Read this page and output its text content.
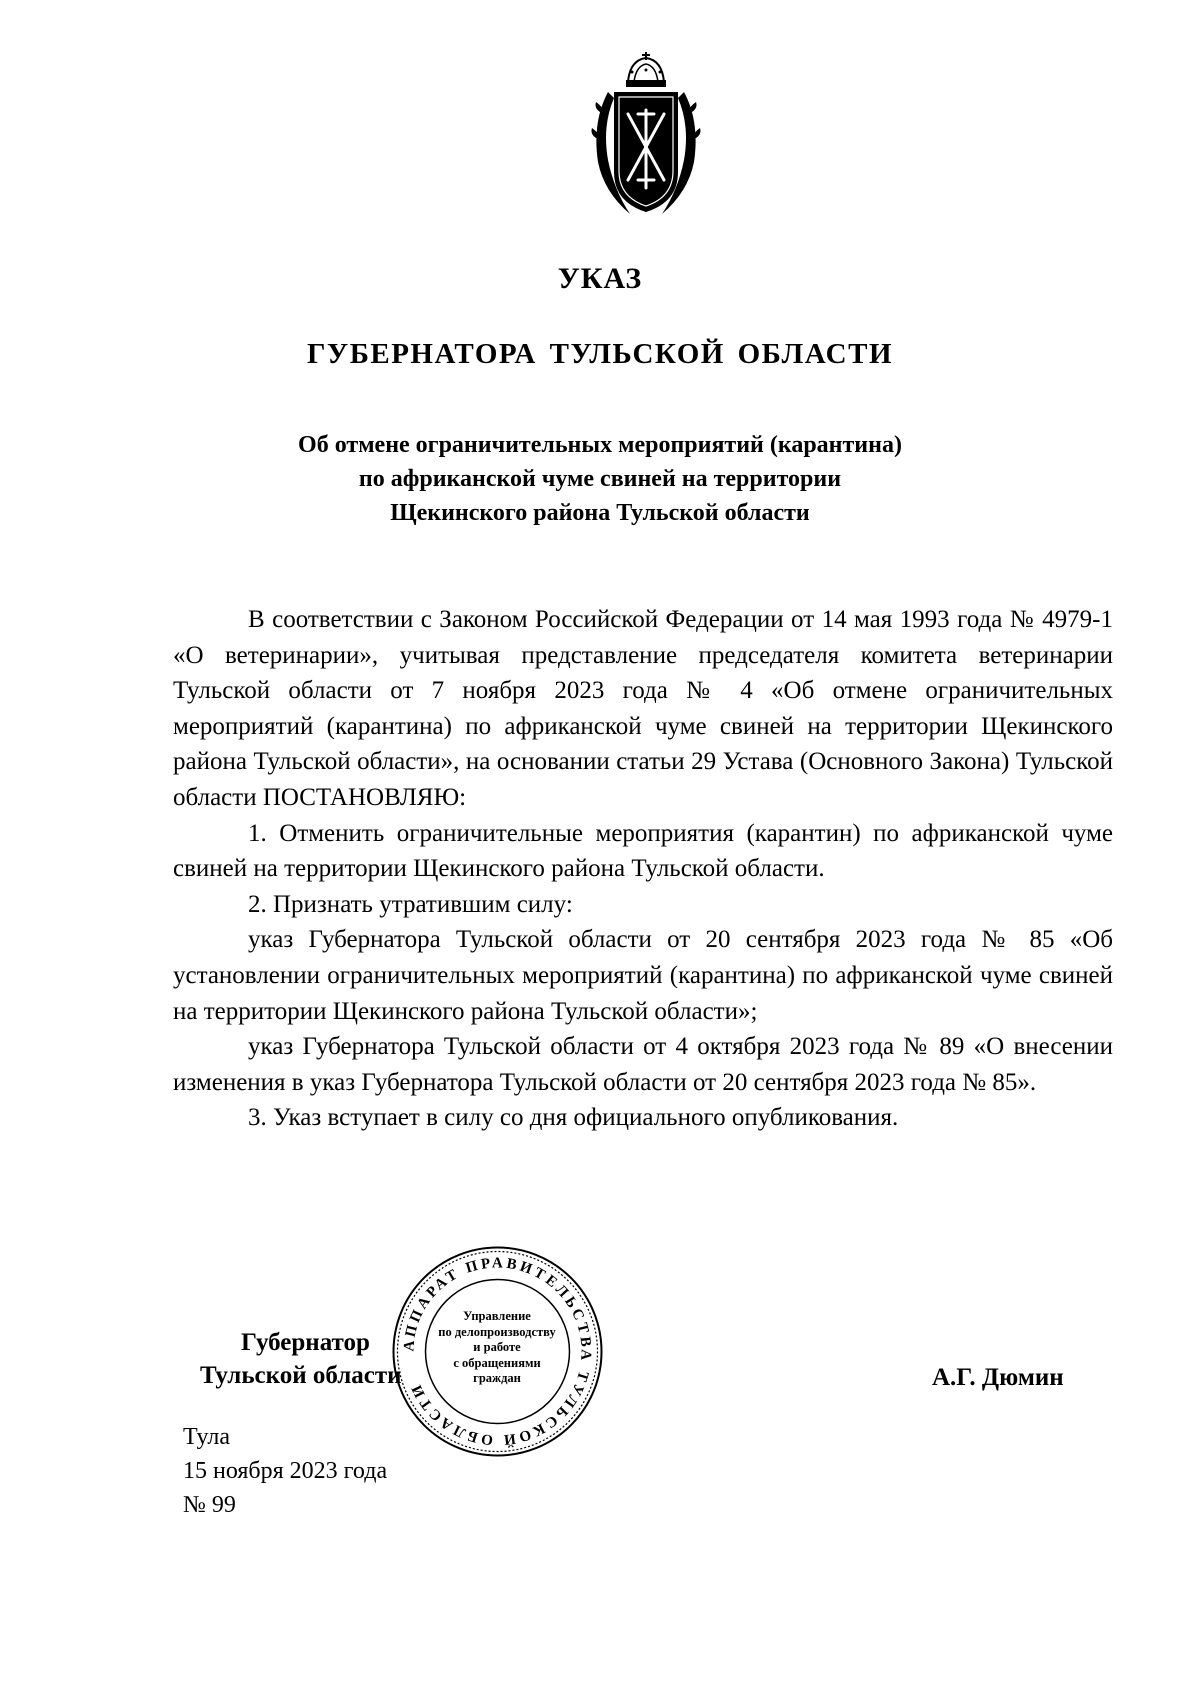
УКАЗ
ГУБЕРНАТОРА ТУЛЬСКОЙ ОБЛАСТИ
Об отмене ограничительных мероприятий (карантина)
по африканской чуме свиней на территории
Щекинского района Тульской области

В соответствии с Законом Российской Федерации от 14 мая 1993 года № 4979-1 «О ветеринарии», учитывая представление председателя комитета ветеринарии Тульской области от 7 ноября 2023 года № 4 «Об отмене ограничительных мероприятий (карантина) по африканской чуме свиней на территории Щекинского района Тульской области», на основании статьи 29 Устава (Основного Закона) Тульской области ПОСТАНОВЛЯЮ:

1. Отменить ограничительные мероприятия (карантин) по африканской чуме свиней на территории Щекинского района Тульской области.

2. Признать утратившим силу:

указ Губернатора Тульской области от 20 сентября 2023 года № 85 «Об установлении ограничительных мероприятий (карантина) по африканской чуме свиней на территории Щекинского района Тульской области»;

указ Губернатора Тульской области от 4 октября 2023 года № 89 «О внесении изменения в указ Губернатора Тульской области от 20 сентября 2023 года № 85».

3. Указ вступает в силу со дня официального опубликования.

Губернатор
Тульской области	А.Г. Дюмин
АППАРАТ ПРАВИТЕЛЬСТВА ТУЛЬСКОЙ ОБЛАСТИ
Управление
по делопроизводству
и работе
с обращениями
граждан
Тула
15 ноября 2023 года
№ 99
